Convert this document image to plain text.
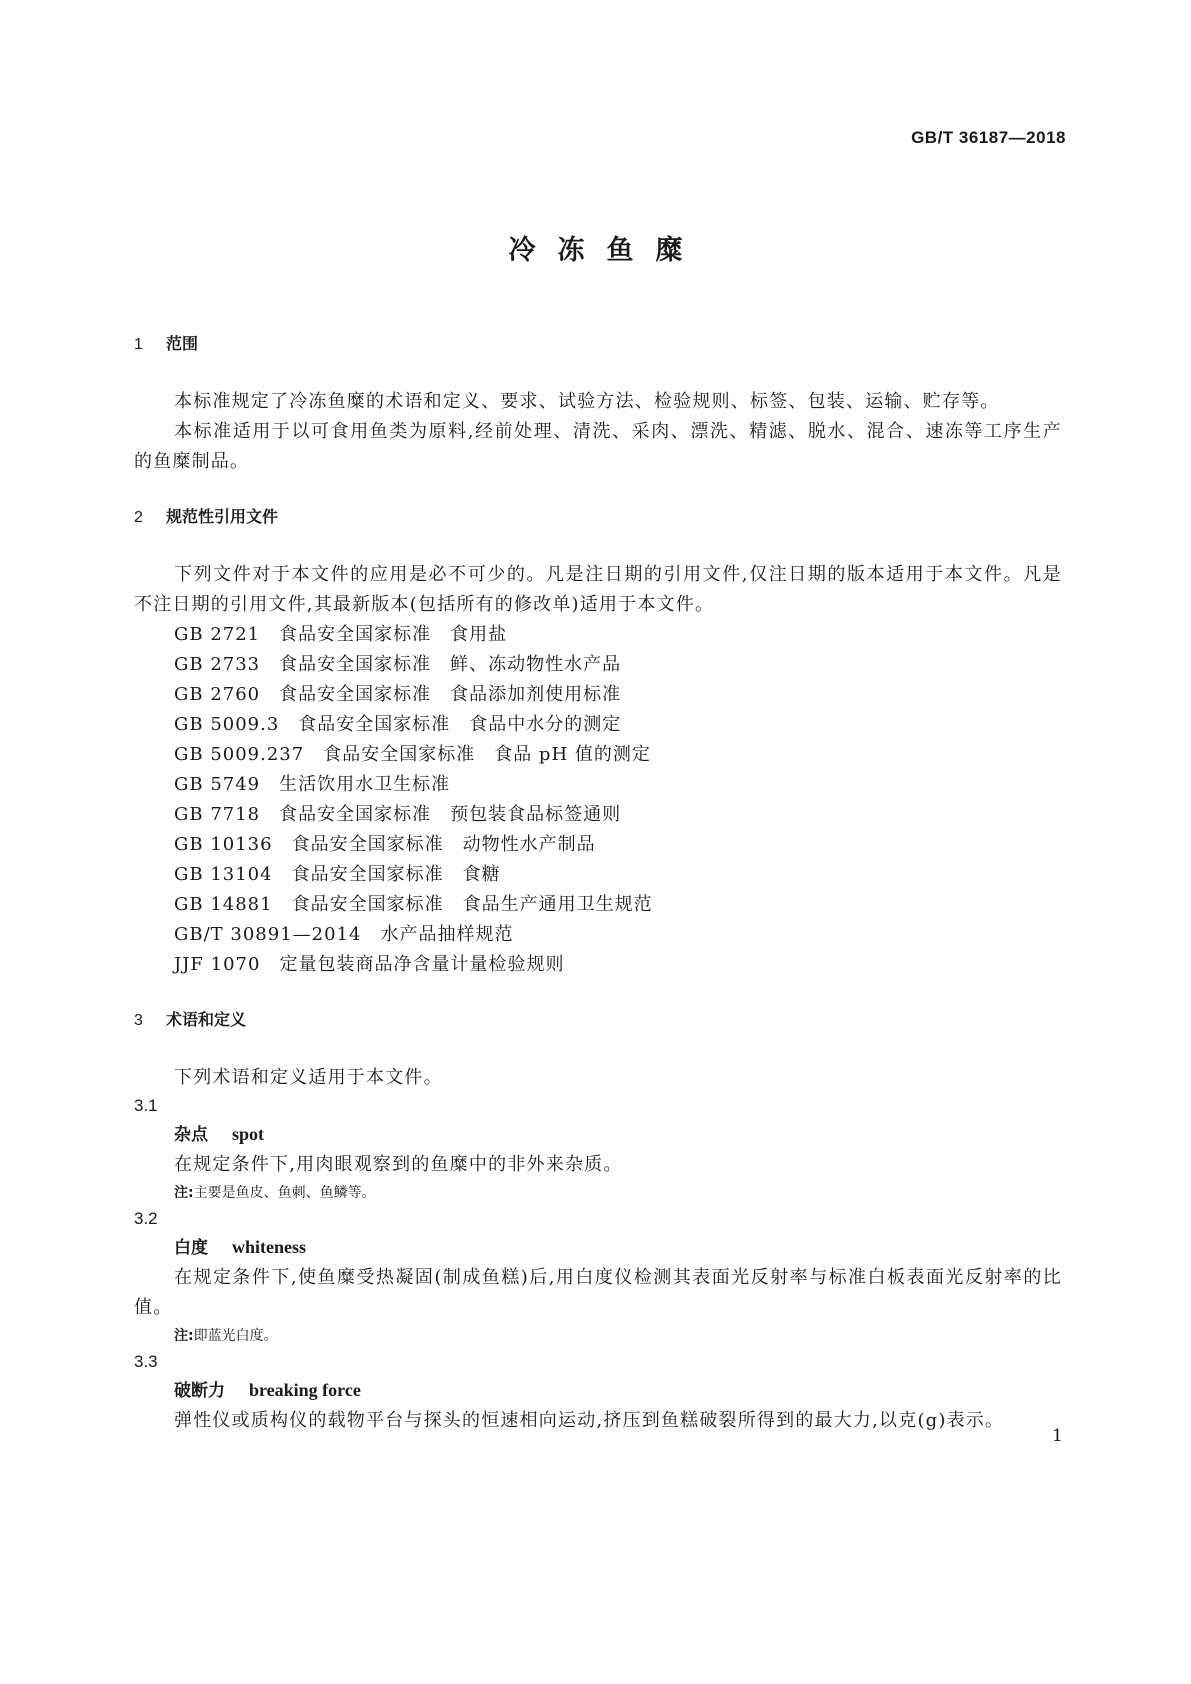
GB/T 36187—2018
冷冻鱼糜

1 范围

本标准规定了冷冻鱼糜的术语和定义、要求、试验方法、检验规则、标签、包装、运输、贮存等。

本标准适用于以可食用鱼类为原料,经前处理、清洗、采肉、漂洗、精滤、脱水、混合、速冻等工序生产的鱼糜制品。

2 规范性引用文件

下列文件对于本文件的应用是必不可少的。凡是注日期的引用文件,仅注日期的版本适用于本文件。凡是不注日期的引用文件,其最新版本(包括所有的修改单)适用于本文件。

GB 2721　食品安全国家标准　食用盐

GB 2733　食品安全国家标准　鲜、冻动物性水产品

GB 2760　食品安全国家标准　食品添加剂使用标准

GB 5009.3　食品安全国家标准　食品中水分的测定

GB 5009.237　食品安全国家标准　食品 pH 值的测定

GB 5749　生活饮用水卫生标准

GB 7718　食品安全国家标准　预包装食品标签通则

GB 10136　食品安全国家标准　动物性水产制品

GB 13104　食品安全国家标准　食糖

GB 14881　食品安全国家标准　食品生产通用卫生规范

GB/T 30891—2014　水产品抽样规范

JJF 1070　定量包装商品净含量计量检验规则

3 术语和定义

下列术语和定义适用于本文件。

3.1

杂点 spot

在规定条件下,用肉眼观察到的鱼糜中的非外来杂质。

注:主要是鱼皮、鱼刺、鱼鳞等。

3.2

白度 whiteness

在规定条件下,使鱼糜受热凝固(制成鱼糕)后,用白度仪检测其表面光反射率与标准白板表面光反射率的比值。

注:即蓝光白度。

3.3

破断力 breaking force

弹性仪或质构仪的载物平台与探头的恒速相向运动,挤压到鱼糕破裂所得到的最大力,以克(g)表示。

1
